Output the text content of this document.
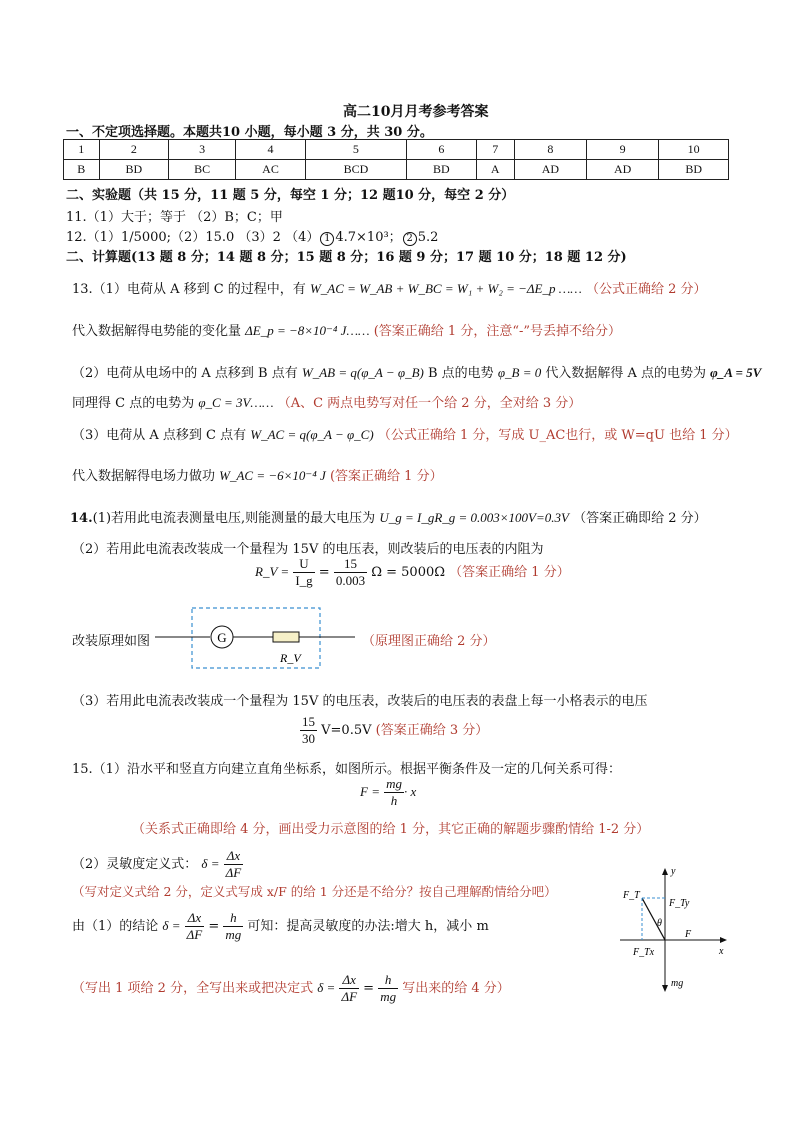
高二10月月考参考答案
一、不定项选择题。本题共10 小题，每小题 3 分，共 30 分。
1	2	3	4	5	6	7	8	9	10
B	BD	BC	AC	BCD	BD	A	AD	AD	BD
二、实验题（共 15 分，11 题 5 分，每空 1 分；12 题10 分，每空 2 分）
11.（1）大于；等于 （2）B；C；甲
12.（1）1/5000;（2）15.0 （3）2 （4） 1 4.7×10³； 2 5.2
二、计算题(13 题 8 分；14 题 8 分；15 题 8 分；16 题 9 分；17 题 10 分；18 题 12 分)
13.（1）电荷从 A 移到 C 的过程中，有 W_AC = W_AB + W_BC = W₁ + W₂ = −ΔE_p …… （公式正确给 2 分）
代入数据解得电势能的变化量 ΔE_p = −8×10⁻⁴ J…… (答案正确给 1 分，注意“-”号丢掉不给分）
（2）电荷从电场中的 A 点移到 B 点有 W_AB = q(φ_A − φ_B) B 点的电势 φ_B = 0 代入数据解得 A 点的电势为 φ_A = 5V
同理得 C 点的电势为 φ_C = 3V…… （A、C 两点电势写对任一个给 2 分，全对给 3 分）
（3）电荷从 A 点移到 C 点有 W_AC = q(φ_A − φ_C) （公式正确给 1 分，写成 U_AC也行，或 W=qU 也给 1 分）
代入数据解得电场力做功 W_AC = −6×10⁻⁴ J (答案正确给 1 分）
14.(1)若用此电流表测量电压,则能测量的最大电压为 U_g = I_gR_g = 0.003×100V=0.3V （答案正确即给 2 分）
（2）若用此电流表改装成一个量程为 15V 的电压表，则改装后的电压表的内阻为
R_V = $\frac{U}{I\_g} = \frac{15}{0.003}$ Ω = 5000Ω （答案正确给 1 分）
改装原理如图	G
R_V
（原理图正确给 2 分）
（3）若用此电流表改装成一个量程为 15V 的电压表，改装后的电压表的表盘上每一小格表示的电压
$\frac{15}{30} V=0.5V$ (答案正确给 3 分）
15.（1）沿水平和竖直方向建立直角坐标系，如图所示。根据平衡条件及一定的几何关系可得：
$F = \frac{mg}{h} \cdot x$
（关系式正确即给 4 分，画出受力示意图的给 1 分，其它正确的解题步骤酌情给 1-2 分）
（2）灵敏度定义式： $\delta = \frac{\Delta x}{\Delta F}$
（写对定义式给 2 分，定义式写成 x/F 的给 1 分还是不给分？按自己理解酌情给分吧）
由（1）的结论 $\delta = \frac{\Delta x}{\Delta F} = \frac{h}{mg}$ 可知：提高灵敏度的办法:增大 h，减小 m
（写出 1 项给 2 分，全写出来或把决定式 $\delta = \frac{\Delta x}{\Delta F} = \frac{h}{mg}$ 写出来的给 4 分）
y
x
F_T
F_Ty
F_Tx
θ
F
mg
